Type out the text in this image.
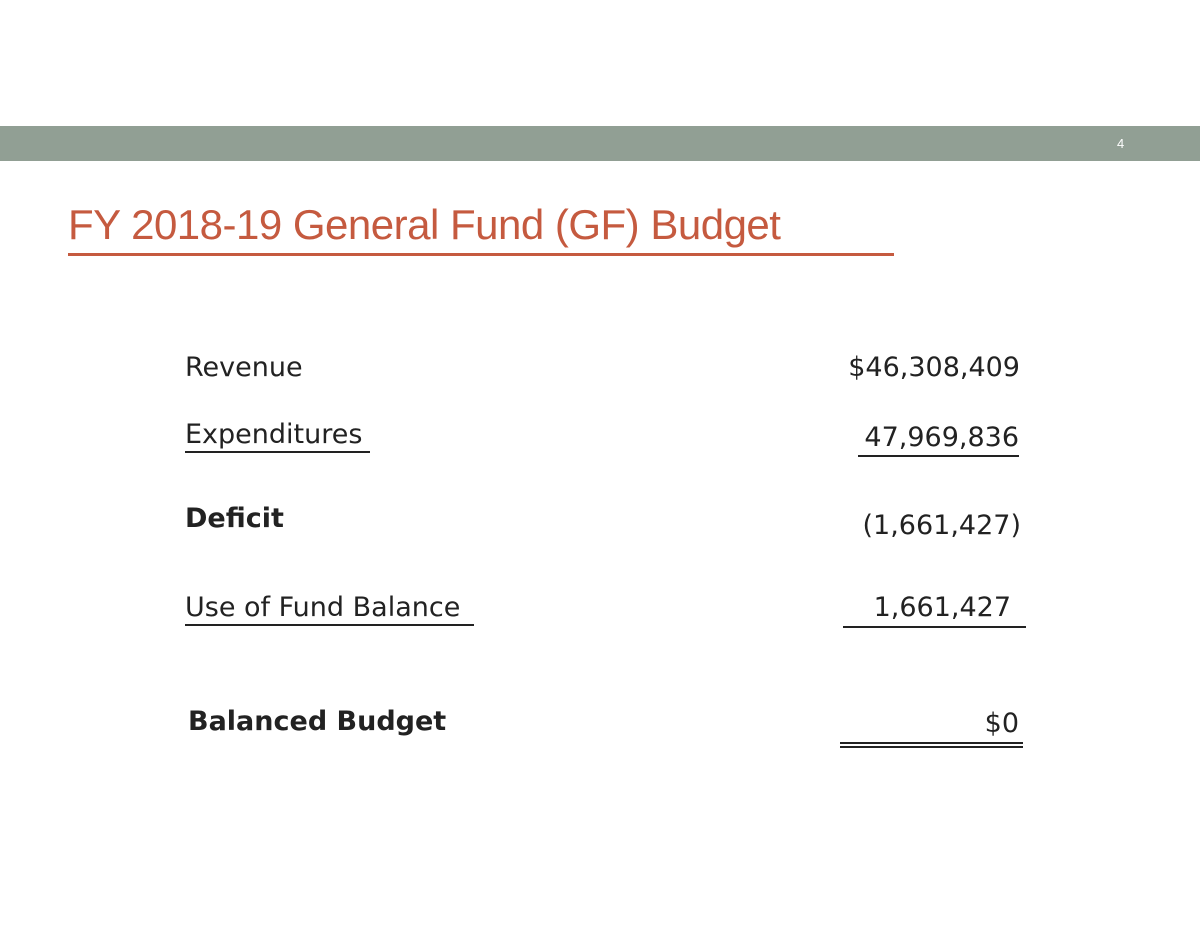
4
FY 2018-19 General Fund (GF) Budget
Revenue	$46,308,409
Expenditures	47,969,836
Deficit	(1,661,427)
Use of Fund Balance	1,661,427
Balanced Budget	$0
